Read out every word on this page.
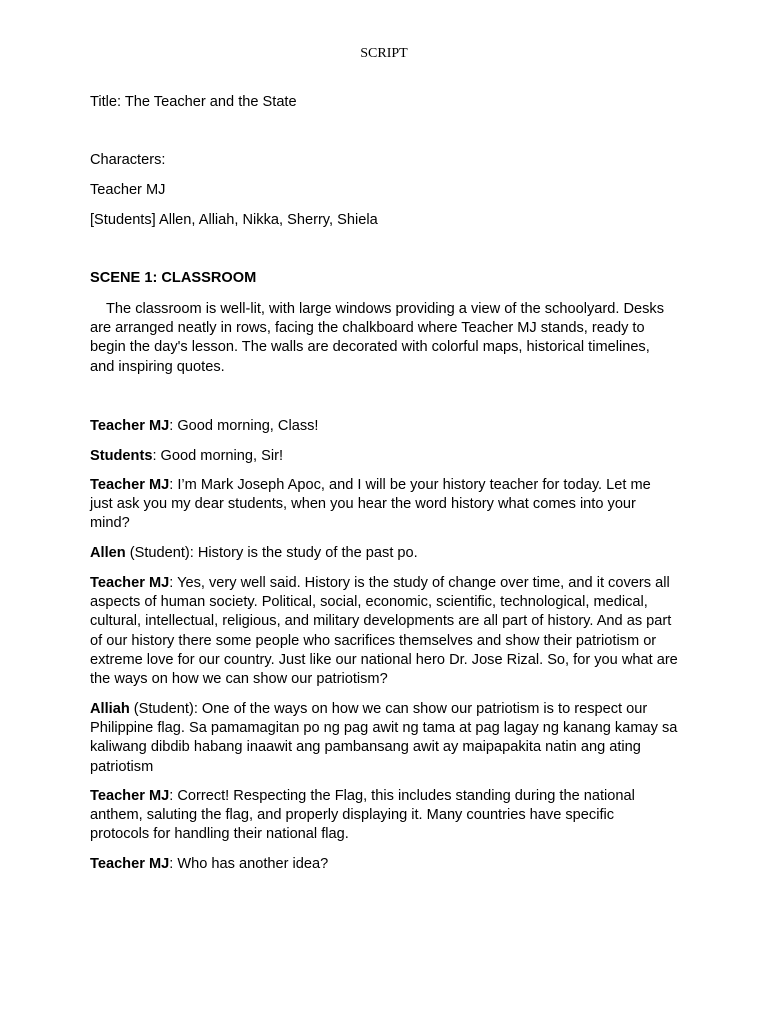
SCRIPT

Title: The Teacher and the State

Characters:

Teacher MJ

[Students] Allen, Alliah, Nikka, Sherry, Shiela

SCENE 1: CLASSROOM

The classroom is well-lit, with large windows providing a view of the schoolyard. Desks are arranged neatly in rows, facing the chalkboard where Teacher MJ stands, ready to begin the day's lesson. The walls are decorated with colorful maps, historical timelines, and inspiring quotes.

Teacher MJ: Good morning, Class!

Students: Good morning, Sir!

Teacher MJ: I’m Mark Joseph Apoc, and I will be your history teacher for today. Let me just ask you my dear students, when you hear the word history what comes into your mind?

Allen (Student): History is the study of the past po.

Teacher MJ: Yes, very well said. History is the study of change over time, and it covers all aspects of human society. Political, social, economic, scientific, technological, medical, cultural, intellectual, religious, and military developments are all part of history. And as part of our history there some people who sacrifices themselves and show their patriotism or extreme love for our country. Just like our national hero Dr. Jose Rizal. So, for you what are the ways on how we can show our patriotism?

Alliah (Student): One of the ways on how we can show our patriotism is to respect our Philippine flag. Sa pamamagitan po ng pag awit ng tama at pag lagay ng kanang kamay sa kaliwang dibdib habang inaawit ang pambansang awit ay maipapakita natin ang ating patriotism

Teacher MJ: Correct! Respecting the Flag, this includes standing during the national anthem, saluting the flag, and properly displaying it. Many countries have specific protocols for handling their national flag.

Teacher MJ: Who has another idea?
